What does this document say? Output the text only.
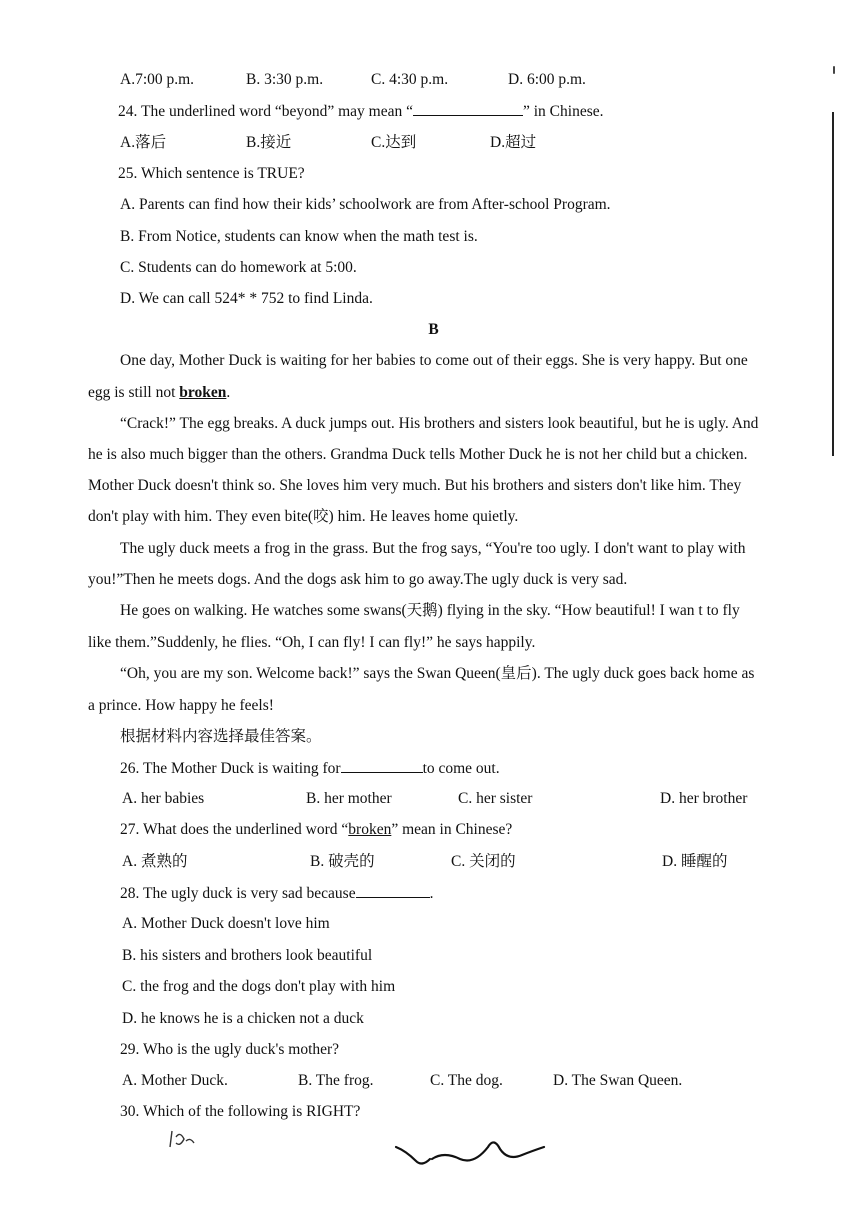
A.7:00 p.m.	B. 3:30 p.m.	C. 4:30 p.m.	D. 6:00 p.m.
24. The underlined word “beyond” may mean “	” in Chinese.
A.落后	B.接近	C.达到	D.超过
25. Which sentence is TRUE?
A. Parents can find how their kids’ schoolwork are from After-school Program.
B. From Notice, students can know when the math test is.
C. Students can do homework at 5:00.
D. We can call 524* * 752 to find Linda.
B
One day, Mother Duck is waiting for her babies to come out of their eggs. She is very happy. But one
egg is still not broken.
“Crack!” The egg breaks. A duck jumps out. His brothers and sisters look beautiful, but he is ugly. And
he is also much bigger than the others. Grandma Duck tells Mother Duck he is not her child but a chicken.
Mother Duck doesn't think so. She loves him very much. But his brothers and sisters don't like him. They
don't play with him. They even bite(咬) him. He leaves home quietly.
The ugly duck meets a frog in the grass. But the frog says, “You're too ugly. I don't want to play with
you!”Then he meets dogs. And the dogs ask him to go away.The ugly duck is very sad.
He goes on walking. He watches some swans(天鹅) flying in the sky. “How beautiful! I wan t to fly
like them.”Suddenly, he flies. “Oh, I can fly! I can fly!” he says happily.
“Oh, you are my son. Welcome back!” says the Swan Queen(皇后). The ugly duck goes back home as
a prince. How happy he feels!
根据材料内容选择最佳答案。
26. The Mother Duck is waiting for	to come out.
A. her babies	B. her mother	C. her sister	D. her brother
27. What does the underlined word “broken” mean in Chinese?
A. 煮熟的	B. 破壳的	C. 关闭的	D. 睡醒的
28. The ugly duck is very sad because	.
A. Mother Duck doesn't love him
B. his sisters and brothers look beautiful
C. the frog and the dogs don't play with him
D. he knows he is a chicken not a duck
29. Who is the ugly duck's mother?
A. Mother Duck.	B. The frog.	C. The dog.	D. The Swan Queen.
30. Which of the following is RIGHT?
